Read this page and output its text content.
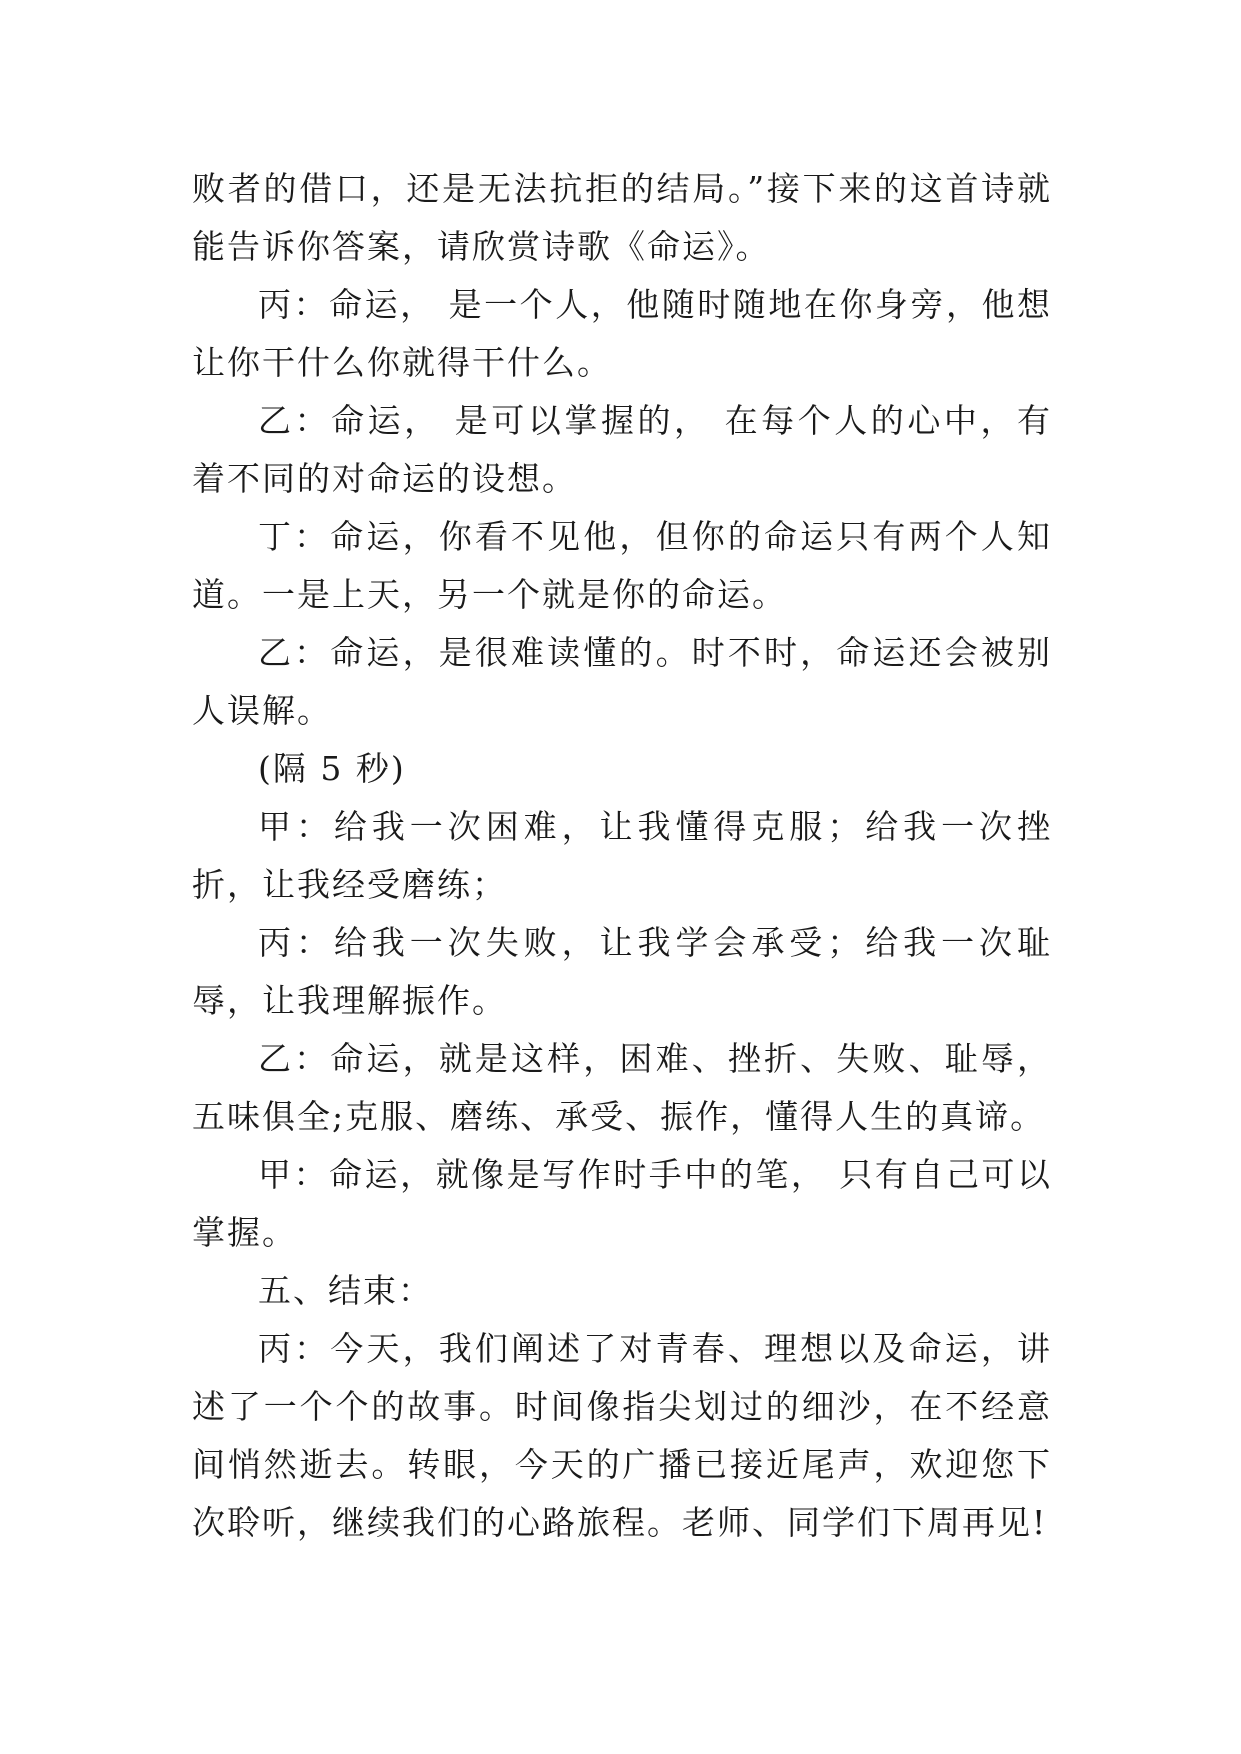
败者的借口，还是无法抗拒的结局。”接下来的这首诗就能告诉你答案，请欣赏诗歌《命运》。

丙：命运， 是一个人，他随时随地在你身旁，他想让你干什么你就得干什么。

乙：命运， 是可以掌握的， 在每个人的心中，有着不同的对命运的设想。

丁：命运，你看不见他，但你的命运只有两个人知道。一是上天，另一个就是你的命运。

乙：命运，是很难读懂的。时不时，命运还会被别人误解。

(隔 5 秒)

甲：给我一次困难，让我懂得克服；给我一次挫折，让我经受磨练；

丙：给我一次失败，让我学会承受；给我一次耻辱，让我理解振作。

乙：命运，就是这样，困难、挫折、失败、耻辱，五味俱全;克服、磨练、承受、振作，懂得人生的真谛。

甲：命运，就像是写作时手中的笔， 只有自己可以掌握。

五、结束：

丙：今天，我们阐述了对青春、理想以及命运，讲述了一个个的故事。时间像指尖划过的细沙，在不经意间悄然逝去。转眼，今天的广播已接近尾声，欢迎您下次聆听，继续我们的心路旅程。老师、同学们下周再见!
